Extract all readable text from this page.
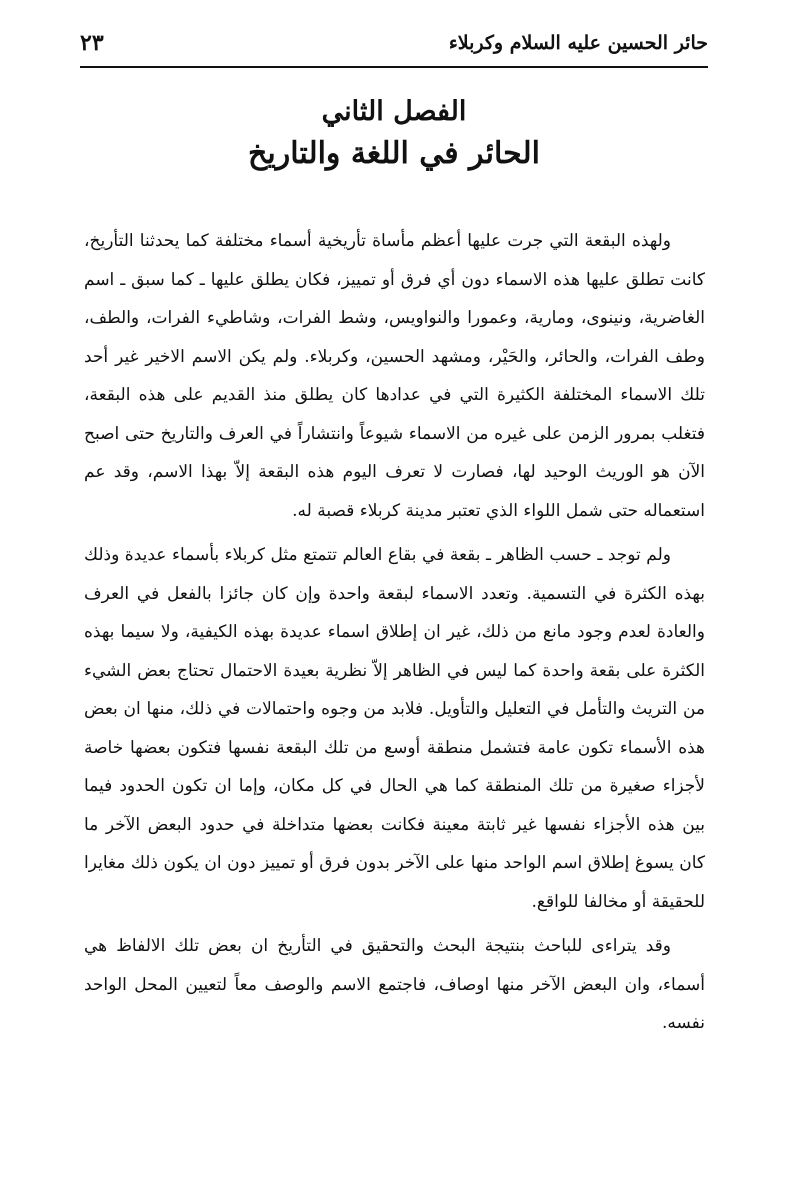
حائر الحسين عليه السلام وكربلاء
٢٣
الفصل الثاني
الحائر في اللغة والتاريخ

ولهذه البقعة التي جرت عليها أعظم مأساة تأريخية أسماء مختلفة كما يحدثنا التأريخ، كانت تطلق عليها هذه الاسماء دون أي فرق أو تمييز، فكان يطلق عليها ـ كما سبق ـ اسم الغاضرية، ونينوى، ومارية، وعمورا والنواويس، وشط الفرات، وشاطيء الفرات، والطف، وطف الفرات، والحائر، والحَيْر، ومشهد الحسين، وكربلاء. ولم يكن الاسم الاخير غير أحد تلك الاسماء المختلفة الكثيرة التي في عدادها كان يطلق منذ القديم على هذه البقعة، فتغلب بمرور الزمن على غيره من الاسماء شيوعاً وانتشاراً في العرف والتاريخ حتى اصبح الآن هو الوريث الوحيد لها، فصارت لا تعرف اليوم هذه البقعة إلاّ بهذا الاسم، وقد عم استعماله حتى شمل اللواء الذي تعتبر مدينة كربلاء قصبة له.

ولم توجد ـ حسب الظاهر ـ بقعة في بقاع العالم تتمتع مثل كربلاء بأسماء عديدة وذلك بهذه الكثرة في التسمية. وتعدد الاسماء لبقعة واحدة وإن كان جائزا بالفعل في العرف والعادة لعدم وجود مانع من ذلك، غير ان إطلاق اسماء عديدة بهذه الكيفية، ولا سيما بهذه الكثرة على بقعة واحدة كما ليس في الظاهر إلاّ نظرية بعيدة الاحتمال تحتاج بعض الشيء من التريث والتأمل في التعليل والتأويل. فلابد من وجوه واحتمالات في ذلك، منها ان بعض هذه الأسماء تكون عامة فتشمل منطقة أوسع من تلك البقعة نفسها فتكون بعضها خاصة لأجزاء صغيرة من تلك المنطقة كما هي الحال في كل مكان، وإما ان تكون الحدود فيما بين هذه الأجزاء نفسها غير ثابتة معينة فكانت بعضها متداخلة في حدود البعض الآخر ما كان يسوغ إطلاق اسم الواحد منها على الآخر بدون فرق أو تمييز دون ان يكون ذلك مغايرا للحقيقة أو مخالفا للواقع.

وقد يتراءى للباحث بنتيجة البحث والتحقيق في التأريخ ان بعض تلك الالفاظ هي أسماء، وان البعض الآخر منها اوصاف، فاجتمع الاسم والوصف معاً لتعيين المحل الواحد نفسه.
